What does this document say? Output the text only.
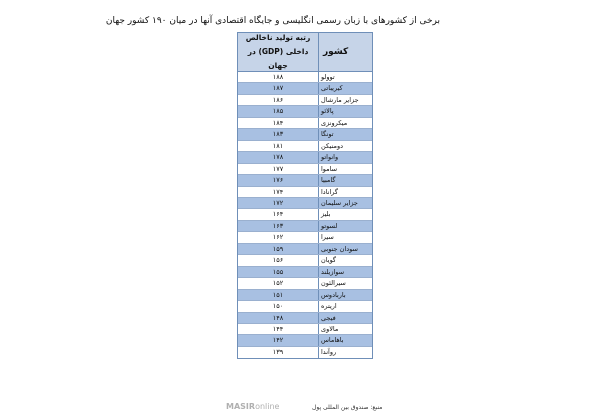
برخی از کشورهای با زبان رسمی انگلیسی و جایگاه اقتصادی آنها در میان ۱۹۰ کشور جهان
کشور
رتبه تولید ناخالص داخلی (GDP) در جهان
توولو
۱۸۸
کیریباتی
۱۸۷
جزایر مارشال
۱۸۶
پالائو
۱۸۵
میکرونزی
۱۸۴
تونگا
۱۸۳
دومنیکن
۱۸۱
وانواتو
۱۷۸
ساموا
۱۷۷
گامبیا
۱۷۶
گرانادا
۱۷۴
جزایر سلیمان
۱۷۲
بلیز
۱۶۴
لسوتو
۱۶۳
سیرا
۱۶۲
سودان جنوبی
۱۵۹
گویان
۱۵۶
سوازیلند
۱۵۵
سیرالئون
۱۵۲
باربادوس
۱۵۱
اریتره
۱۵۰
فیجی
۱۴۸
مالاوی
۱۴۴
باهاماس
۱۴۲
روآندا
۱۳۹
MASIRonline	منبع: صندوق بین المللی پول
